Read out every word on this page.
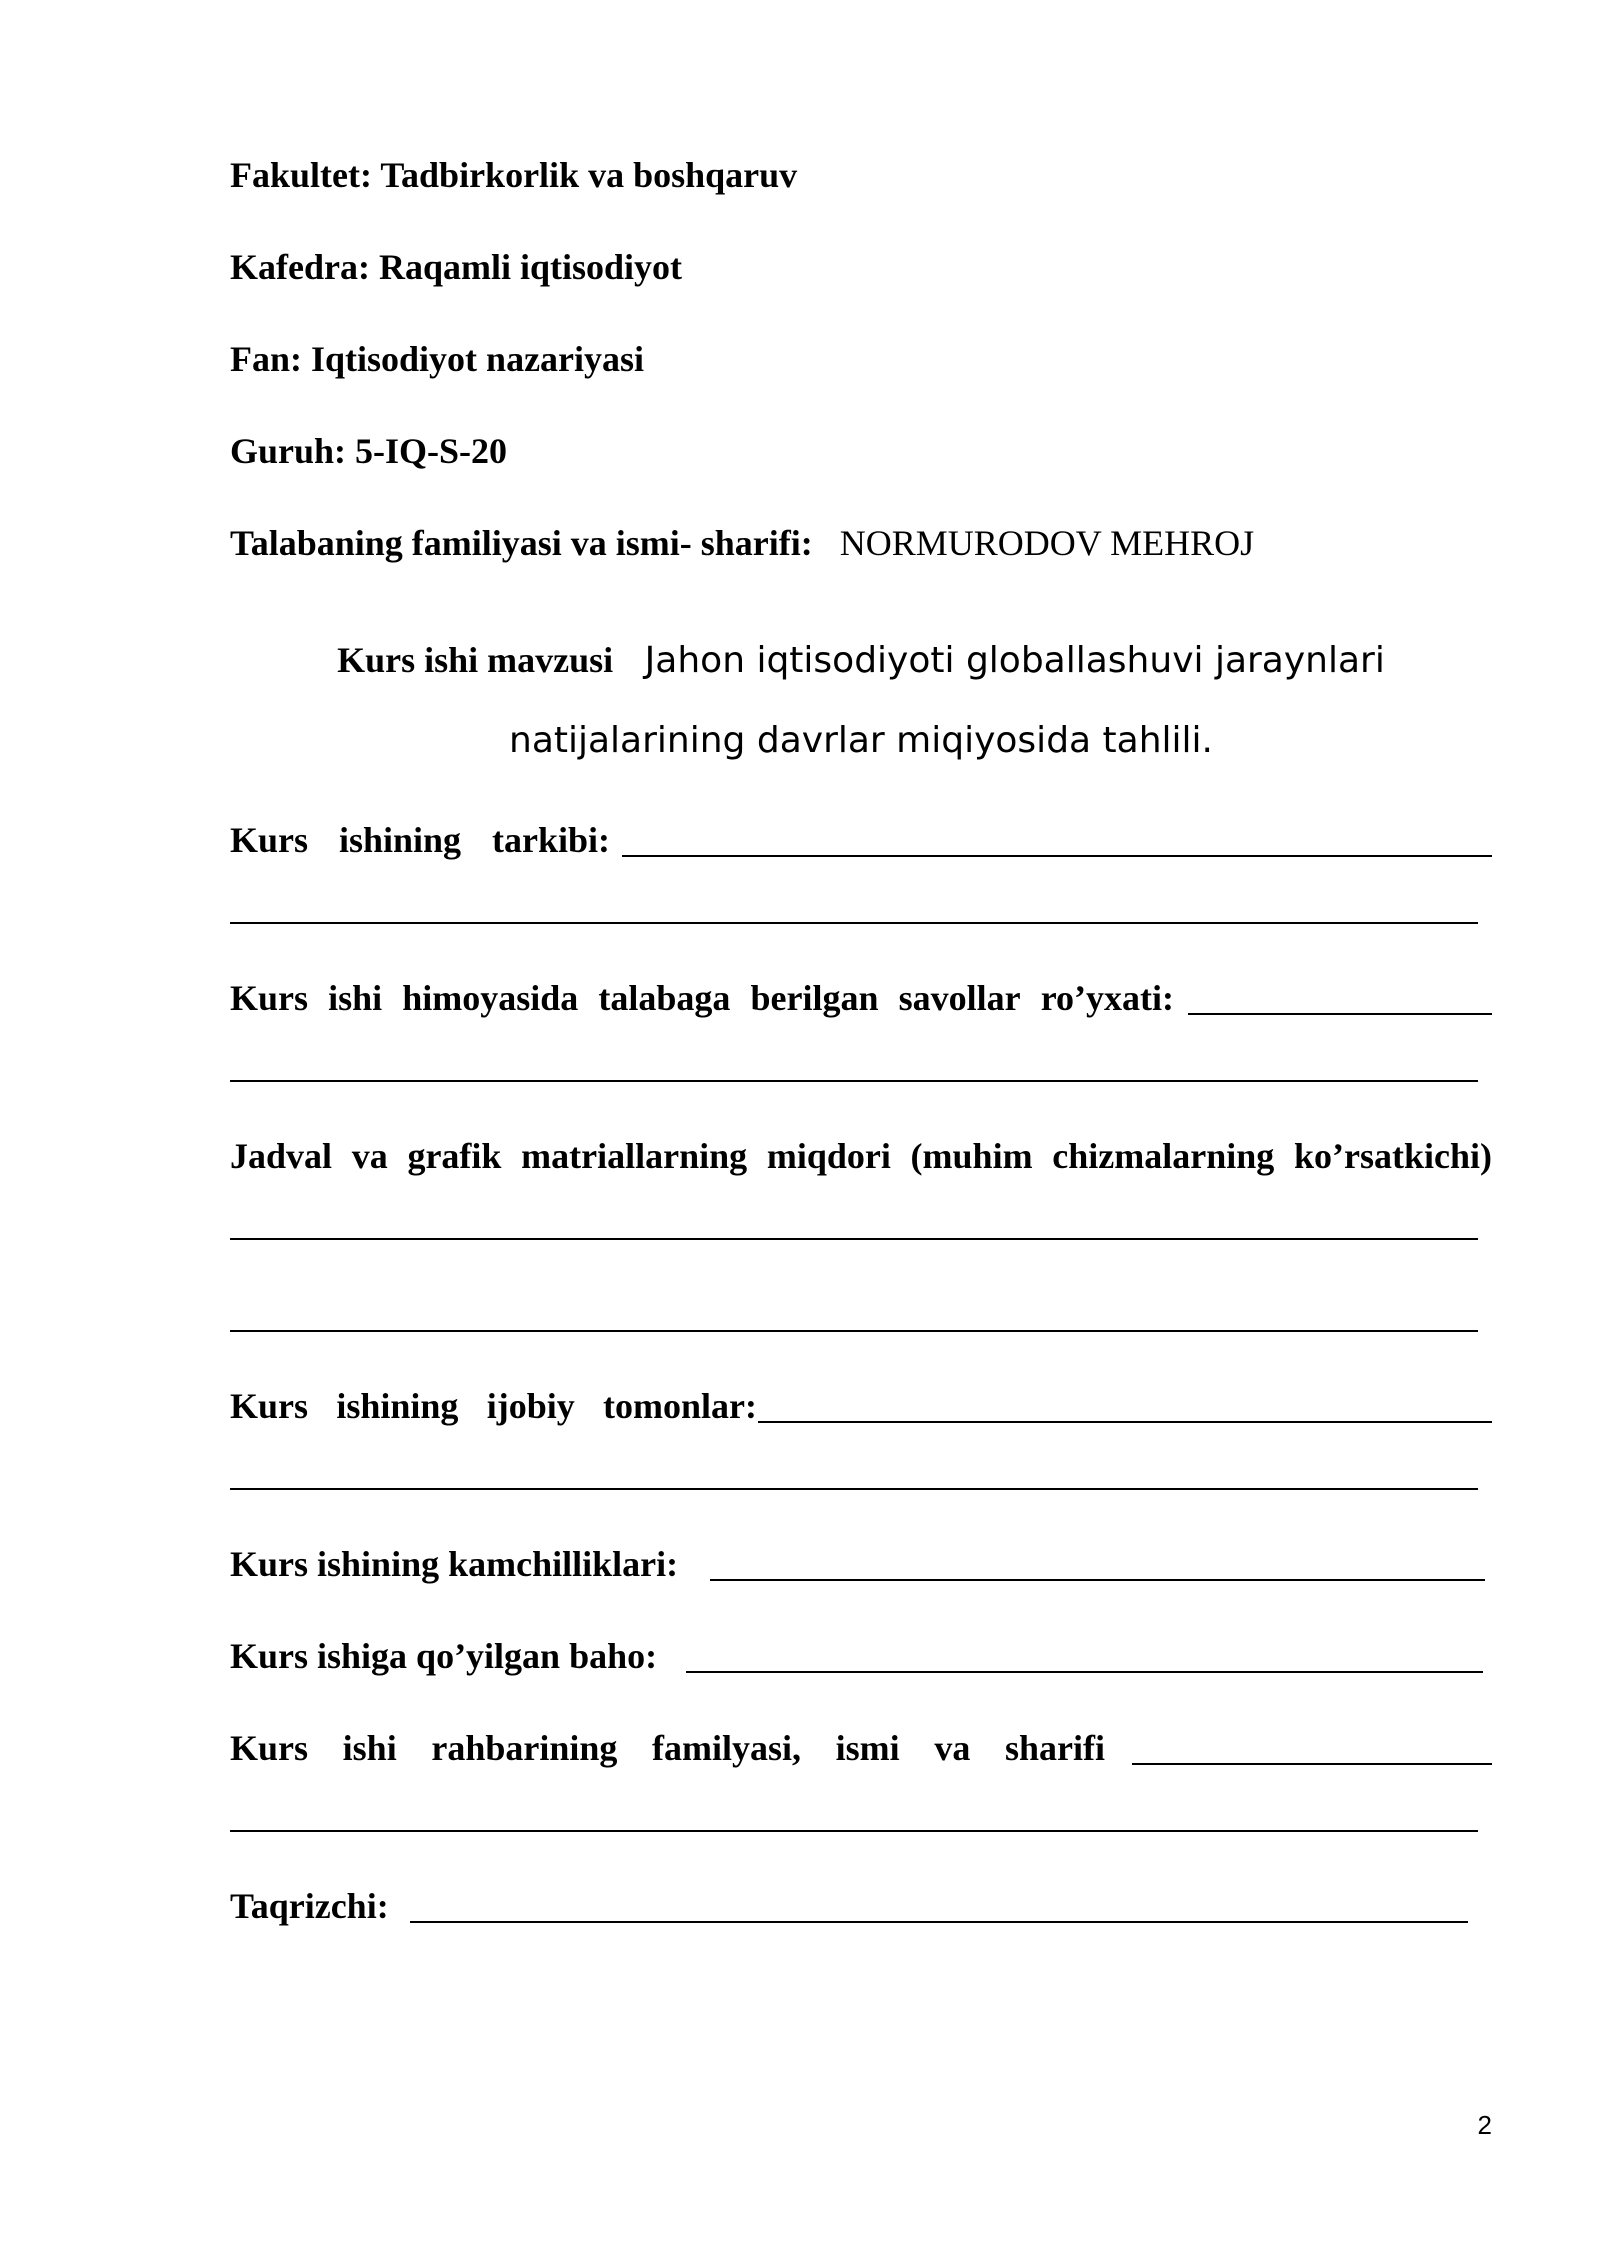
Fakultet: Tadbirkorlik va boshqaruv
Kafedra: Raqamli iqtisodiyot
Fan: Iqtisodiyot nazariyasi
Guruh: 5-IQ-S-20
Talabaning familiyasi va ismi- sharifi: NORMURODOV MEHROJ
Kurs ishi mavzusi Jahon iqtisodiyoti globallashuvi jaraynlari
natijalarining davrlar miqiyosida tahlili.
Kurs ishining tarkibi:
Kurs ishi himoyasida talabaga berilgan savollar ro’yxati:
Jadval va grafik matriallarning miqdori (muhim chizmalarning ko’rsatkichi)
Kurs ishining ijobiy tomonlar:
Kurs ishining kamchilliklari:
Kurs ishiga qo’yilgan baho:
Kurs ishi rahbarining familyasi, ismi va sharifi
Taqrizchi:
2
